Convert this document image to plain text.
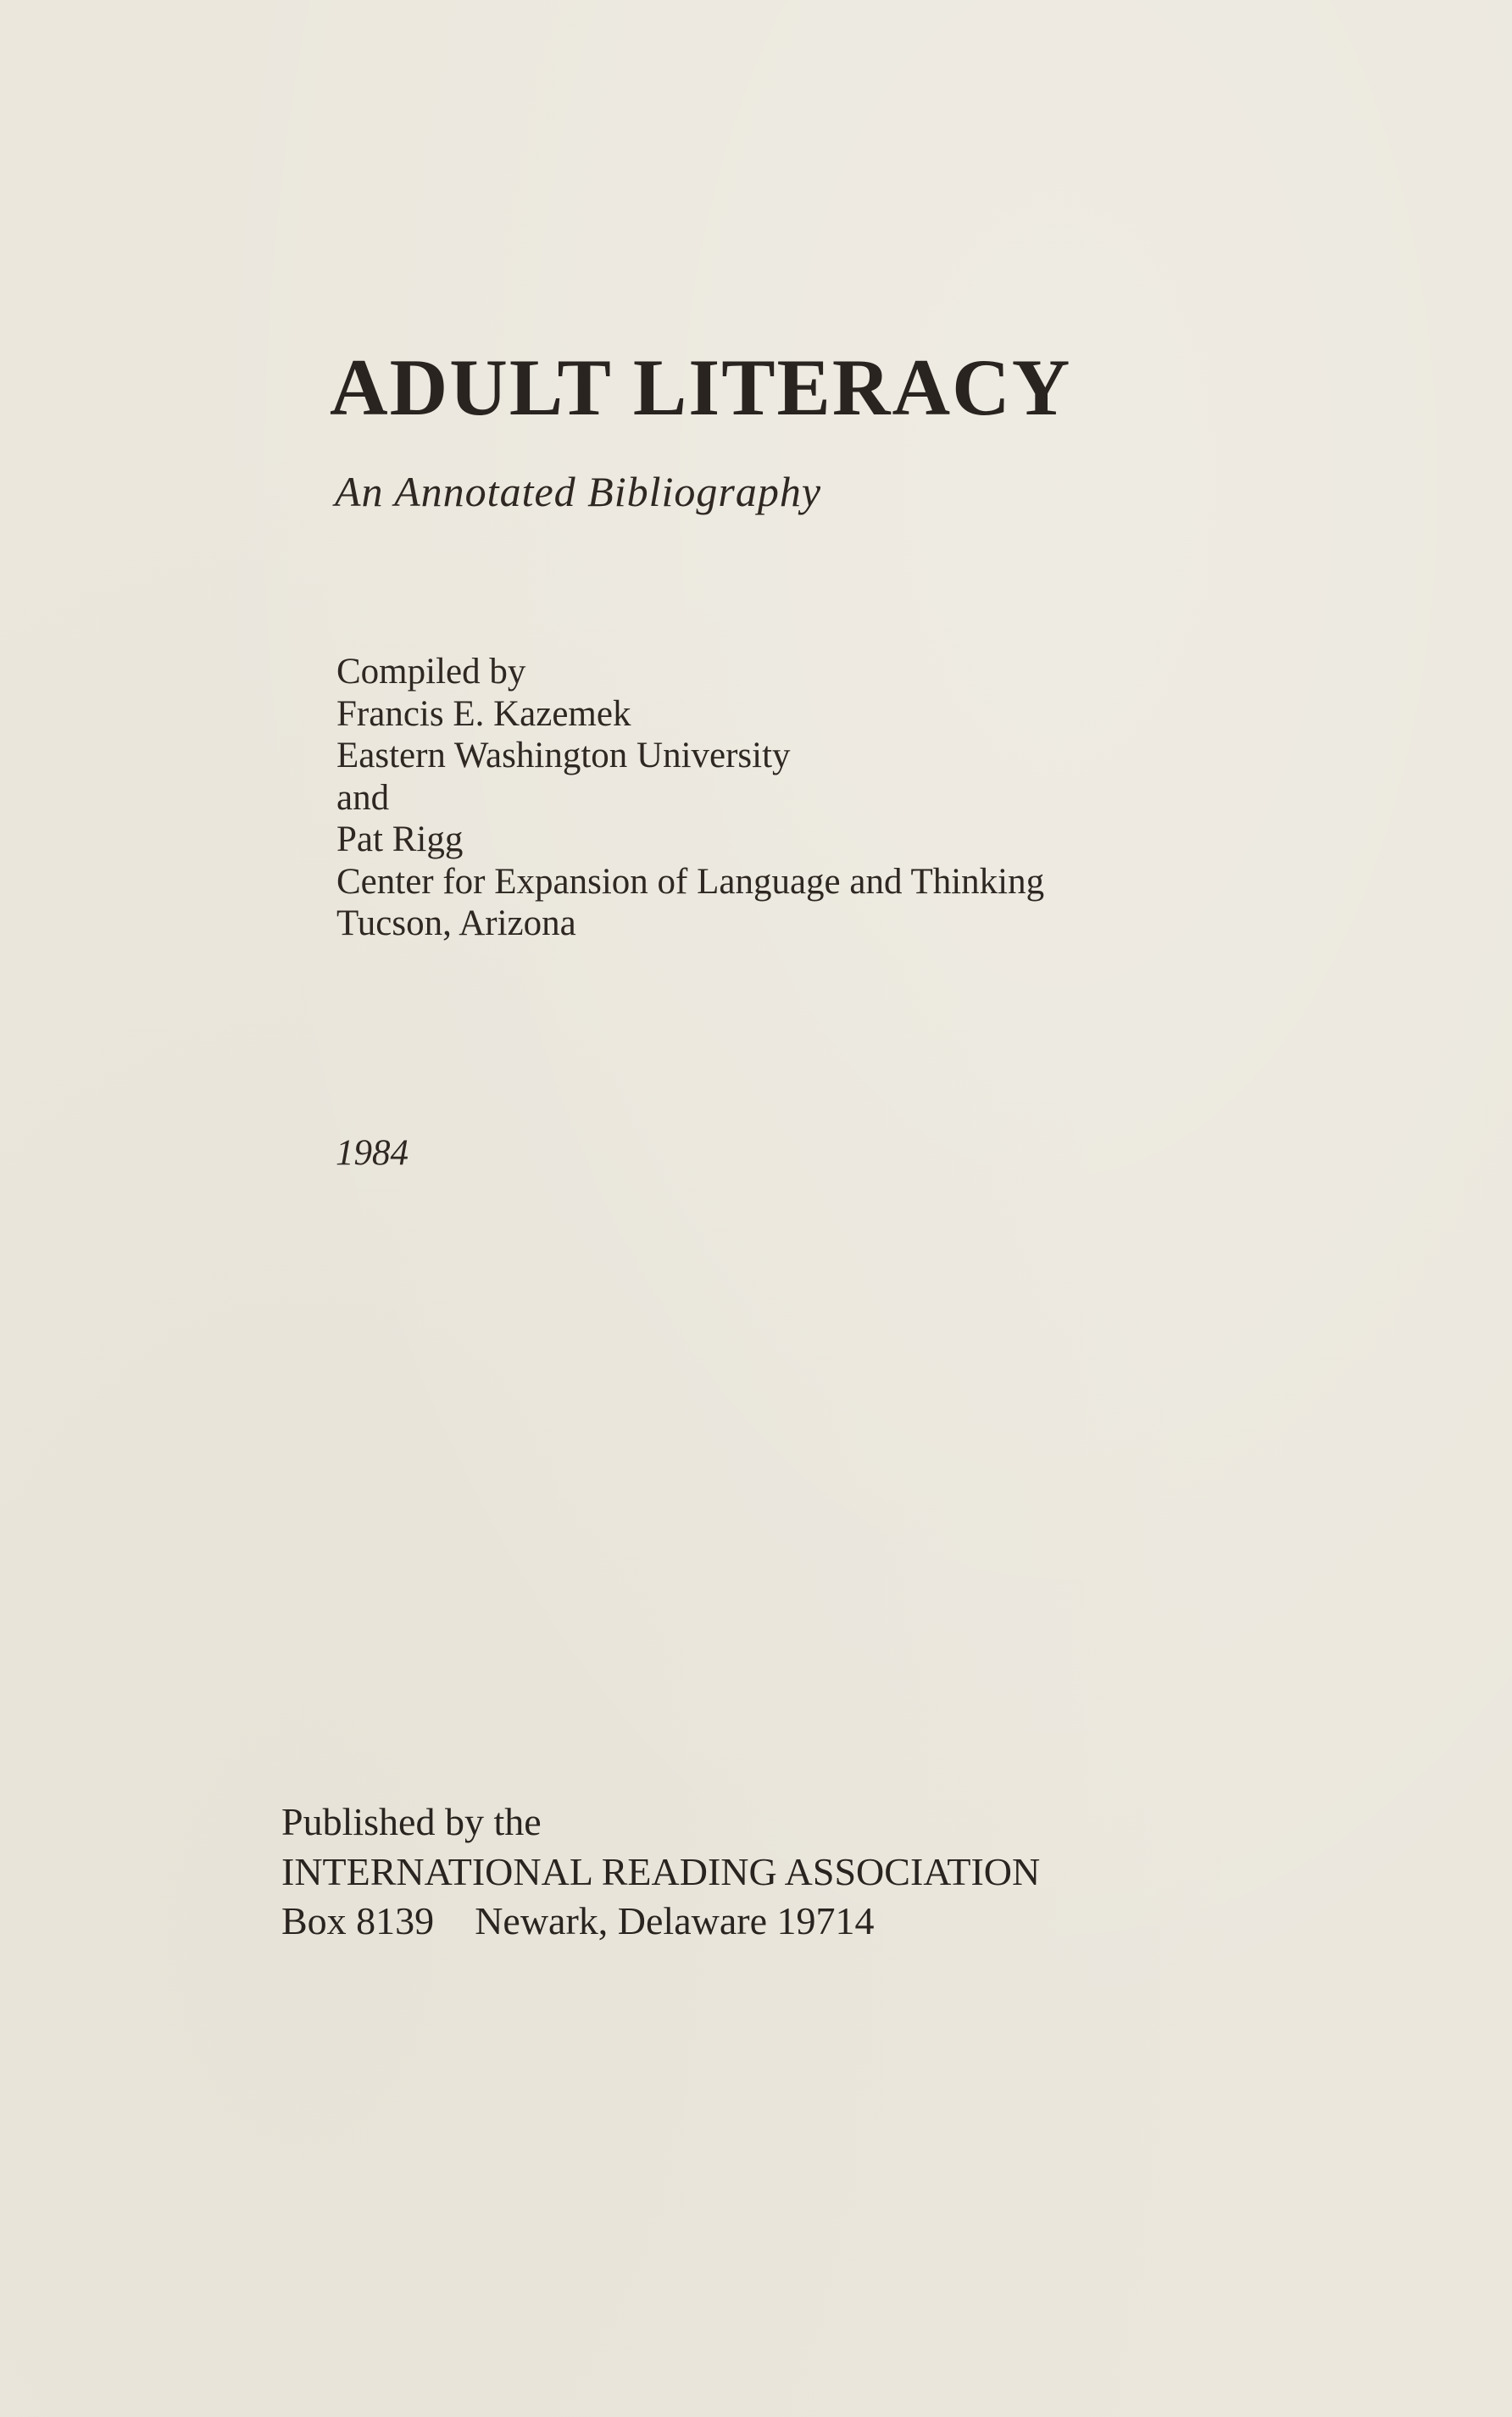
ADULT LITERACY

An Annotated Bibliography

Compiled by
Francis E. Kazemek
Eastern Washington University
and
Pat Rigg
Center for Expansion of Language and Thinking
Tucson, Arizona

1984

Published by the
INTERNATIONAL READING ASSOCIATION
Box 8139 Newark, Delaware 19714
